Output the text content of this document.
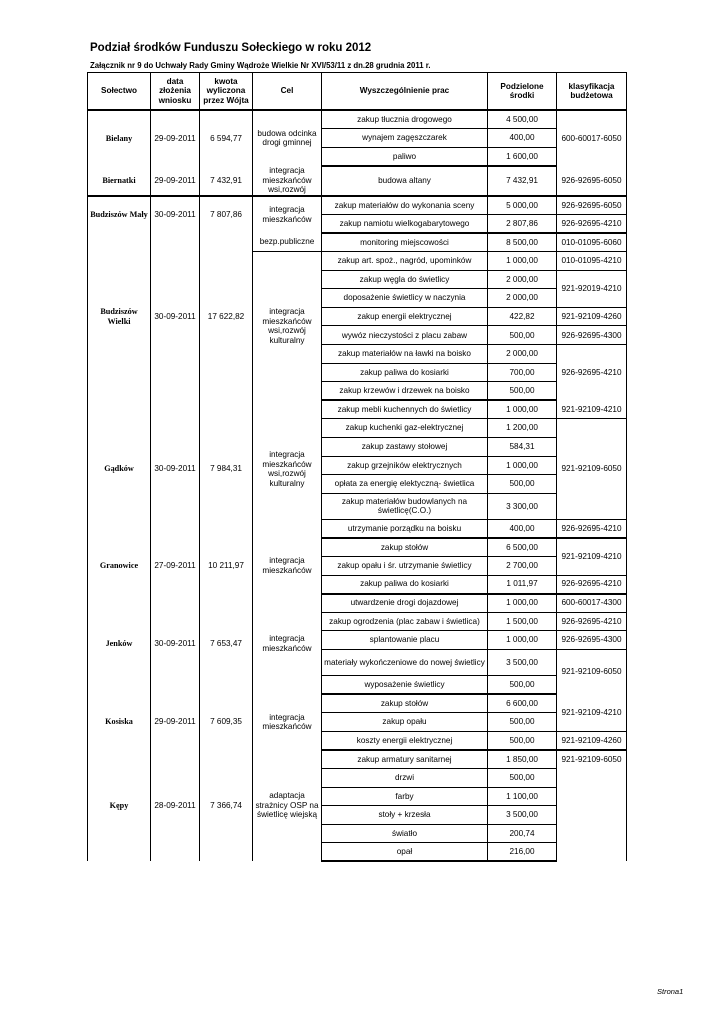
Podział środków Funduszu Sołeckiego w roku 2012
Załącznik nr 9 do Uchwały Rady Gminy Wądroże Wielkie Nr XVI/53/11 z dn.28 grudnia 2011 r.
Sołectwo	data złożenia wniosku	kwota wyliczona przez Wójta	Cel	Wyszczególnienie prac	Podzielone środki	klasyfikacja budżetowa
Bielany	29-09-2011	6 594,77	budowa odcinka drogi gminnej	zakup tłucznia drogowego	4 500,00	600-60017-6050
				wynajem zagęszczarek	400,00	
				paliwo	1 600,00	
Biernatki	29-09-2011	7 432,91	integracja mieszkańców wsi,rozwój	budowa altany	7 432,91	926-92695-6050
Budziszów Mały	30-09-2011	7 807,86	integracja mieszkańców	zakup materiałów do wykonania sceny	5 000,00	926-92695-6050
				zakup namiotu wielkogabarytowego	2 807,86	926-92695-4210
Budziszów Wielki	30-09-2011	17 622,82	bezp.publiczne	monitoring miejscowości	8 500,00	010-01095-6060
			integracja mieszkańców wsi,rozwój kulturalny	zakup art. spoż., nagród, upominków	1 000,00	010-01095-4210
				zakup węgla do świetlicy	2 000,00	921-92019-4210
				doposażenie świetlicy w naczynia	2 000,00	
				zakup energii elektrycznej	422,82	921-92109-4260
				wywóz nieczystości z placu zabaw	500,00	926-92695-4300
				zakup materiałów na ławki na boisko	2 000,00	926-92695-4210
				zakup paliwa do kosiarki	700,00	
				zakup krzewów i drzewek na boisko	500,00	
Gądków	30-09-2011	7 984,31	integracja mieszkańców wsi,rozwój kulturalny	zakup mebli kuchennych do świetlicy	1 000,00	921-92109-4210
				zakup kuchenki gaz-elektrycznej	1 200,00	921-92109-6050
				zakup zastawy stołowej	584,31	
				zakup grzejników elektrycznych	1 000,00	
				opłata za energię elektyczną- świetlica	500,00	
				zakup materiałów budowlanych na świetlicę(C.O.)	3 300,00	
				utrzymanie porządku na boisku	400,00	926-92695-4210
Granowice	27-09-2011	10 211,97	integracja mieszkańców	zakup stołów	6 500,00	921-92109-4210
				zakup opału i śr. utrzymanie świetlicy	2 700,00	
				zakup paliwa do kosiarki	1 011,97	926-92695-4210
Jenków	30-09-2011	7 653,47	integracja mieszkańców	utwardzenie drogi dojazdowej	1 000,00	600-60017-4300
				zakup ogrodzenia (plac zabaw i świetlica)	1 500,00	926-92695-4210
				splantowanie placu	1 000,00	926-92695-4300
				materiały wykończeniowe do nowej świetlicy	3 500,00	921-92109-6050
				wyposażenie świetlicy	500,00	
Kosiska	29-09-2011	7 609,35	integracja mieszkańców	zakup stołów	6 600,00	921-92109-4210
				zakup opału	500,00	
				koszty energii elektrycznej	500,00	921-92109-4260
Kępy	28-09-2011	7 366,74	adaptacja strażnicy OSP na świetlicę wiejską	zakup armatury sanitarnej	1 850,00	921-92109-6050
				drzwi	500,00	
				farby	1 100,00	
				stoły + krzesła	3 500,00	
				światło	200,74	
				opał	216,00	
Strona1
